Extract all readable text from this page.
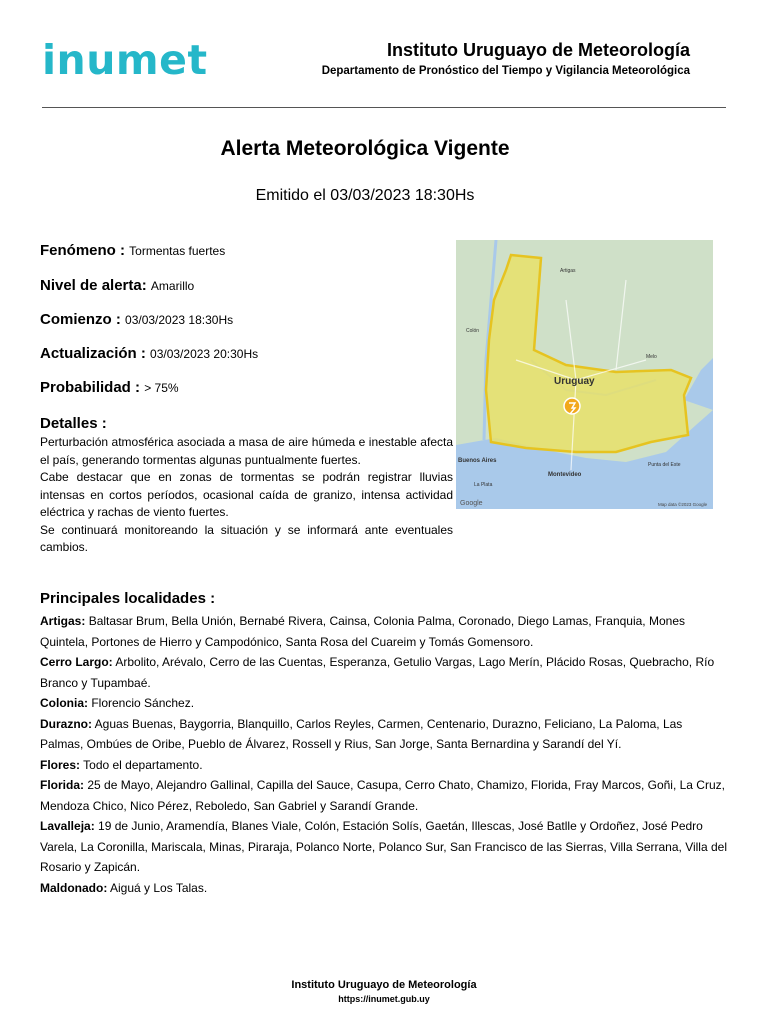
inumet	Instituto Uruguayo de Meteorología
Departamento de Pronóstico del Tiempo y Vigilancia Meteorológica
Alerta Meteorológica Vigente
Emitido el 03/03/2023 18:30Hs
Fenómeno : Tormentas fuertes
Nivel de alerta: Amarillo
Comienzo : 03/03/2023 18:30Hs
Actualización : 03/03/2023 20:30Hs
Probabilidad : > 75%
Detalles :

Perturbación atmosférica asociada a masa de aire húmeda e inestable afecta el país, generando tormentas algunas puntualmente fuertes.

Cabe destacar que en zonas de tormentas se podrán registrar lluvias intensas en cortos períodos, ocasional caída de granizo, intensa actividad eléctrica y rachas de viento fuertes.

Se continuará monitoreando la situación y se informará ante eventuales cambios.

Uruguay
Buenos Aires
Montevideo
La Plata
Artigas
Melo
Colón
Punta del Este
Google	Map data ©2023 Google
Principales localidades :

Artigas: Baltasar Brum, Bella Unión, Bernabé Rivera, Cainsa, Colonia Palma, Coronado, Diego Lamas, Franquia, Mones Quintela, Portones de Hierro y Campodónico, Santa Rosa del Cuareim y Tomás Gomensoro.

Cerro Largo: Arbolito, Arévalo, Cerro de las Cuentas, Esperanza, Getulio Vargas, Lago Merín, Plácido Rosas, Quebracho, Río Branco y Tupambaé.

Colonia: Florencio Sánchez.

Durazno: Aguas Buenas, Baygorria, Blanquillo, Carlos Reyles, Carmen, Centenario, Durazno, Feliciano, La Paloma, Las Palmas, Ombúes de Oribe, Pueblo de Álvarez, Rossell y Rius, San Jorge, Santa Bernardina y Sarandí del Yí.

Flores: Todo el departamento.

Florida: 25 de Mayo, Alejandro Gallinal, Capilla del Sauce, Casupa, Cerro Chato, Chamizo, Florida, Fray Marcos, Goñi, La Cruz, Mendoza Chico, Nico Pérez, Reboledo, San Gabriel y Sarandí Grande.

Lavalleja: 19 de Junio, Aramendía, Blanes Viale, Colón, Estación Solís, Gaetán, Illescas, José Batlle y Ordoñez, José Pedro Varela, La Coronilla, Mariscala, Minas, Piraraja, Polanco Norte, Polanco Sur, San Francisco de las Sierras, Villa Serrana, Villa del Rosario y Zapicán.

Maldonado: Aiguá y Los Talas.

Instituto Uruguayo de Meteorología
https://inumet.gub.uy
